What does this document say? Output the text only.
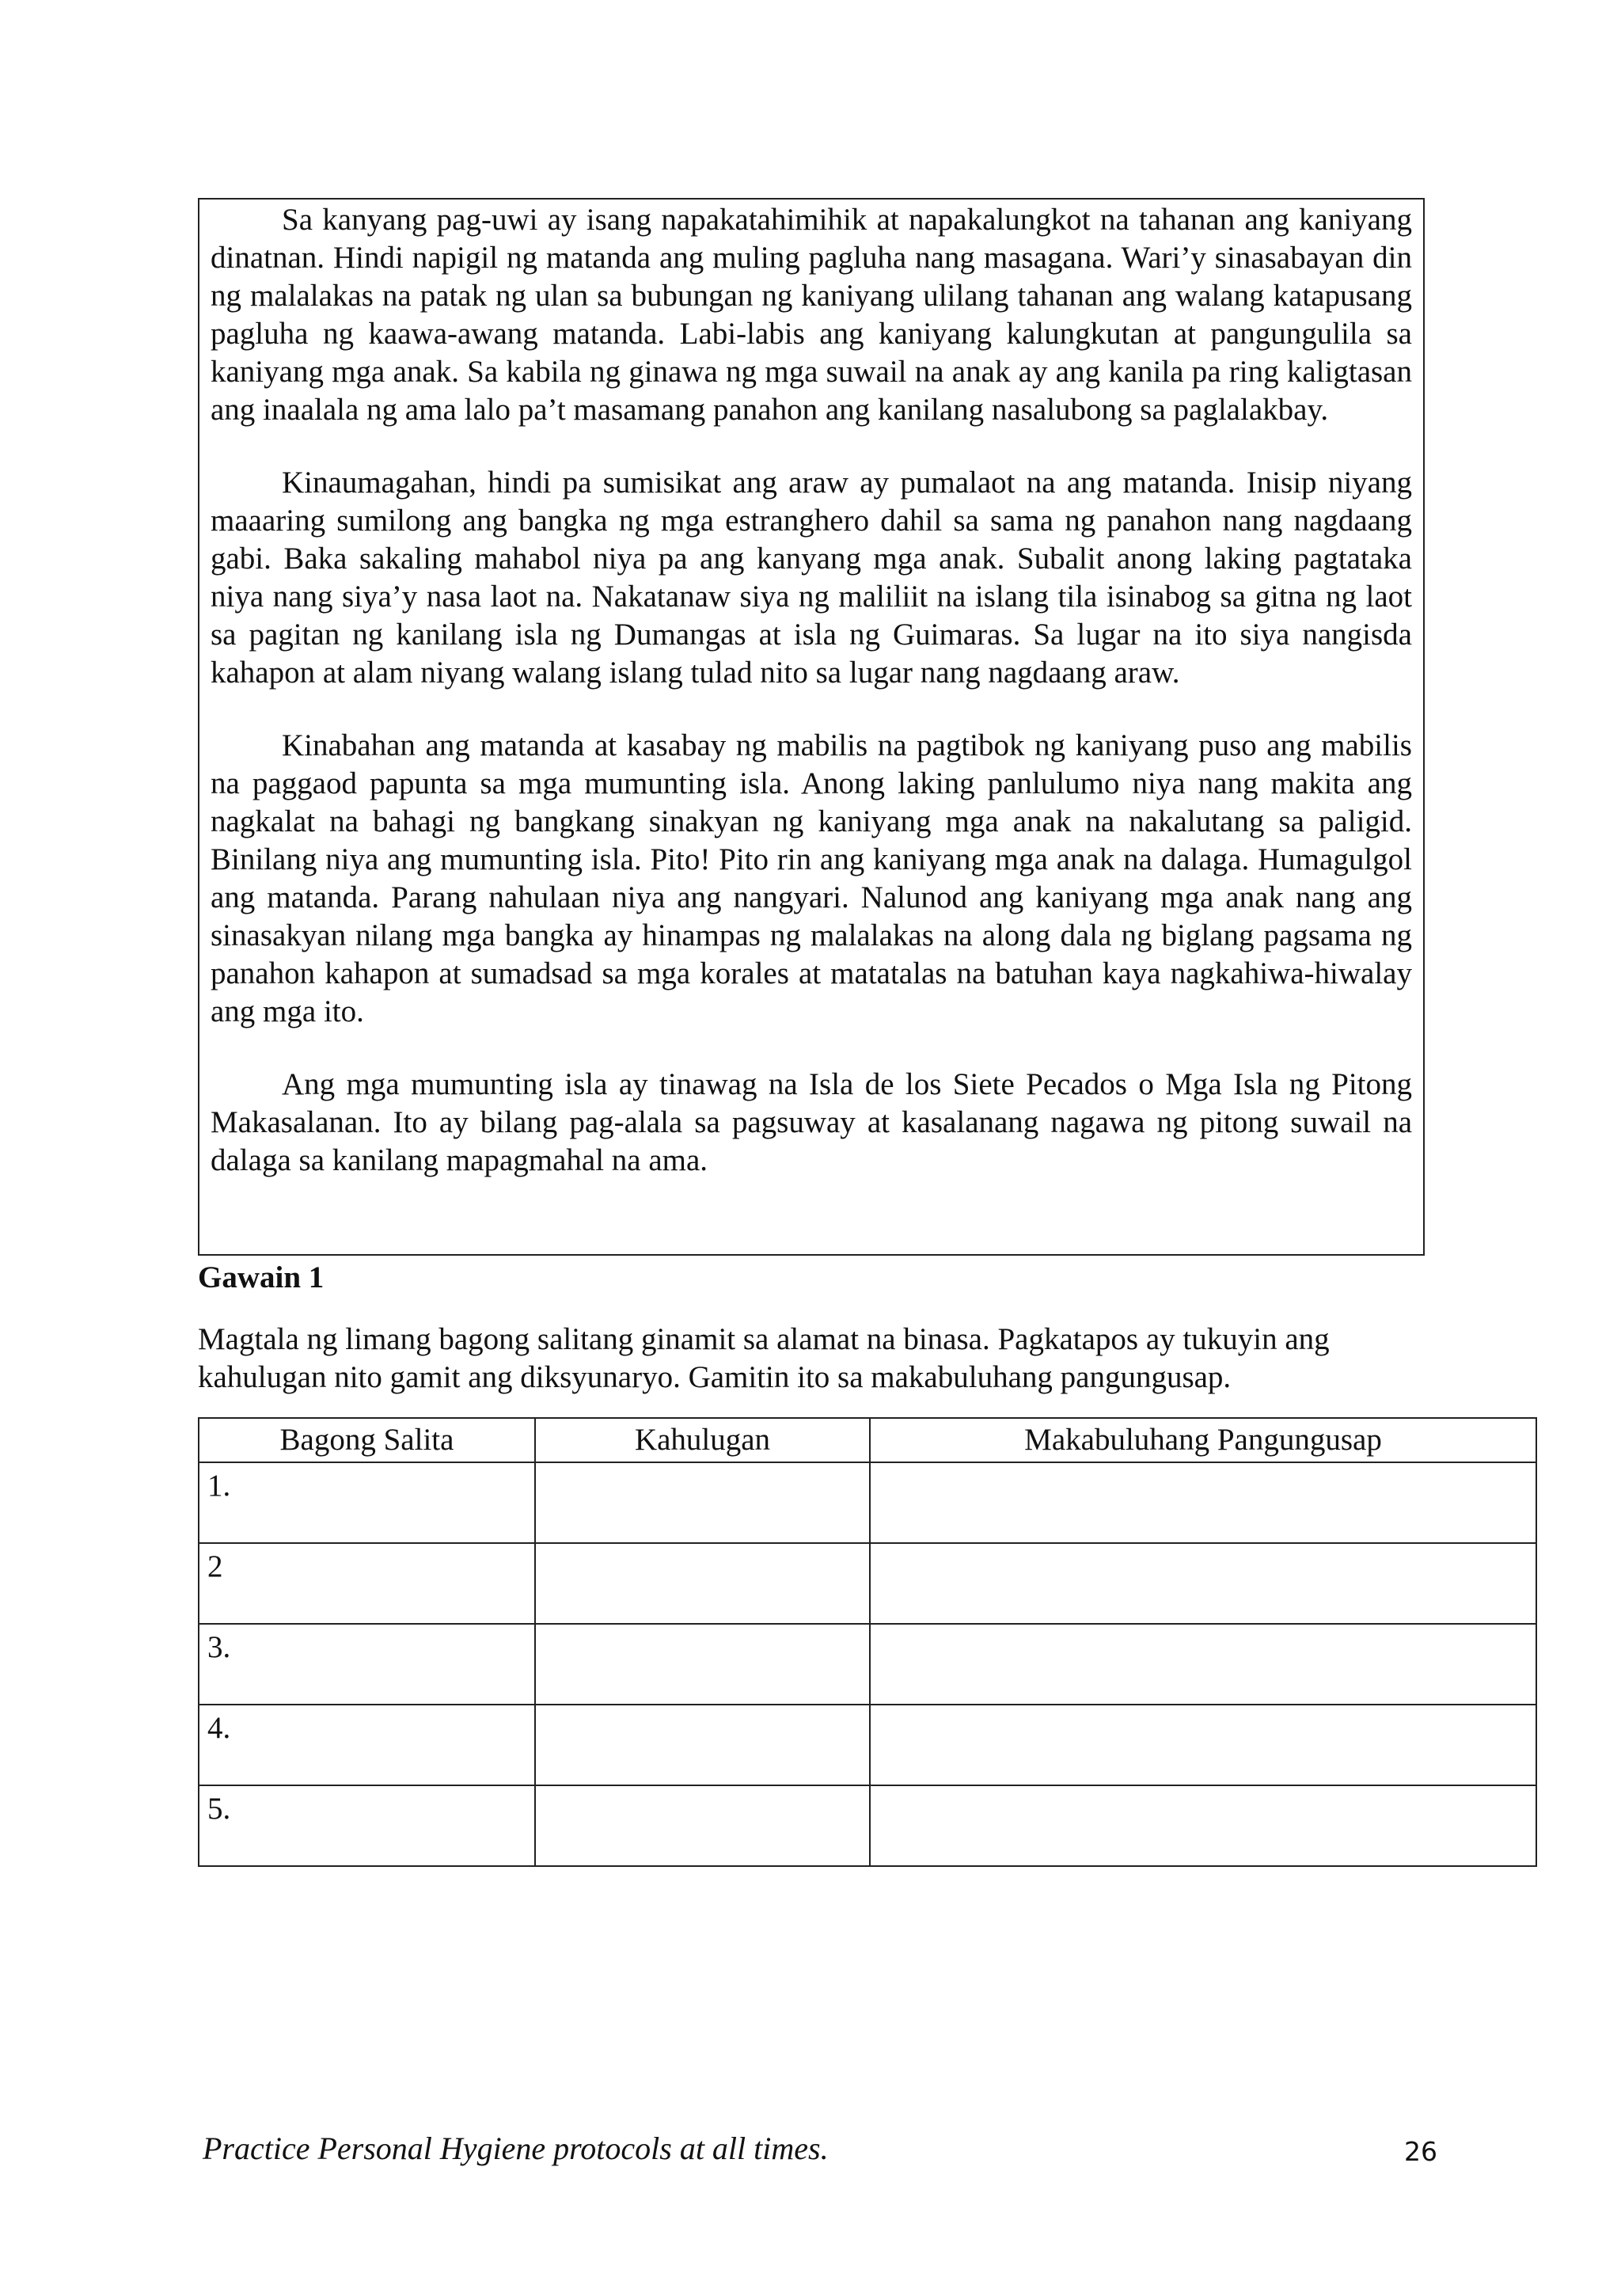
Sa kanyang pag-uwi ay isang napakatahimihik at napakalungkot na tahanan ang kaniyang dinatnan. Hindi napigil ng matanda ang muling pagluha nang masagana. Wari’y sinasabayan din ng malalakas na patak ng ulan sa bubungan ng kaniyang ulilang tahanan ang walang katapusang pagluha ng kaawa-awang matanda. Labi-labis ang kaniyang kalungkutan at pangungulila sa kaniyang mga anak. Sa kabila ng ginawa ng mga suwail na anak ay ang kanila pa ring kaligtasan ang inaalala ng ama lalo pa’t masamang panahon ang kanilang nasalubong sa paglalakbay.

Kinaumagahan, hindi pa sumisikat ang araw ay pumalaot na ang matanda. Inisip niyang maaaring sumilong ang bangka ng mga estranghero dahil sa sama ng panahon nang nagdaang gabi. Baka sakaling mahabol niya pa ang kanyang mga anak. Subalit anong laking pagtataka niya nang siya’y nasa laot na. Nakatanaw siya ng maliliit na islang tila isinabog sa gitna ng laot sa pagitan ng kanilang isla ng Dumangas at isla ng Guimaras. Sa lugar na ito siya nangisda kahapon at alam niyang walang islang tulad nito sa lugar nang nagdaang araw.

Kinabahan ang matanda at kasabay ng mabilis na pagtibok ng kaniyang puso ang mabilis na paggaod papunta sa mga mumunting isla. Anong laking panlulumo niya nang makita ang nagkalat na bahagi ng bangkang sinakyan ng kaniyang mga anak na nakalutang sa paligid. Binilang niya ang mumunting isla. Pito! Pito rin ang kaniyang mga anak na dalaga. Humagulgol ang matanda. Parang nahulaan niya ang nangyari. Nalunod ang kaniyang mga anak nang ang sinasakyan nilang mga bangka ay hinampas ng malalakas na along dala ng biglang pagsama ng panahon kahapon at sumadsad sa mga korales at matatalas na batuhan kaya nagkahiwa-hiwalay ang mga ito.

Ang mga mumunting isla ay tinawag na Isla de los Siete Pecados o Mga Isla ng Pitong Makasalanan. Ito ay bilang pag-alala sa pagsuway at kasalanang nagawa ng pitong suwail na dalaga sa kanilang mapagmahal na ama.

Gawain 1

Magtala ng limang bagong salitang ginamit sa alamat na binasa. Pagkatapos ay tukuyin ang kahulugan nito gamit ang diksyunaryo. Gamitin ito sa makabuluhang pangungusap.

Bagong Salita	Kahulugan	Makabuluhang Pangungusap
1.		
2		
3.		
4.		
5.		

Practice Personal Hygiene protocols at all times.	26
